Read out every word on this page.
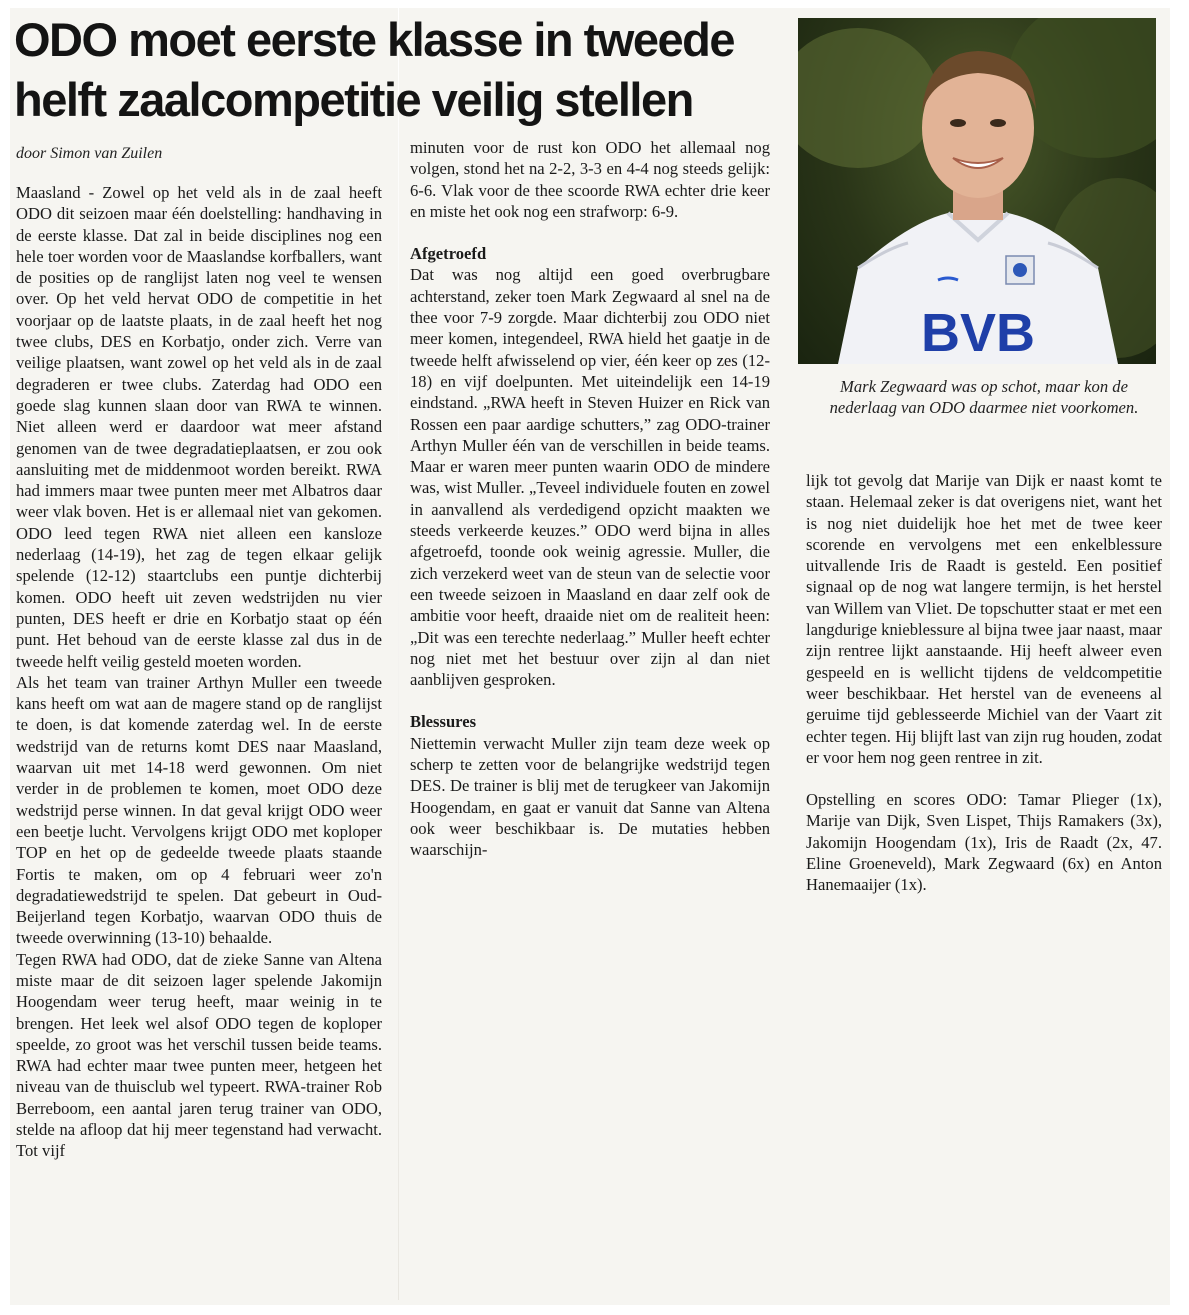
ODO moet eerste klasse in tweede helft zaalcompetitie veilig stellen
door Simon van Zuilen

Maasland - Zowel op het veld als in de zaal heeft ODO dit seizoen maar één doelstelling: handhaving in de eerste klasse. Dat zal in beide disciplines nog een hele toer worden voor de Maaslandse korfballers, want de posities op de ranglijst laten nog veel te wensen over. Op het veld hervat ODO de competitie in het voorjaar op de laatste plaats, in de zaal heeft het nog twee clubs, DES en Korbatjo, onder zich. Verre van veilige plaatsen, want zowel op het veld als in de zaal degraderen er twee clubs. Zaterdag had ODO een goede slag kunnen slaan door van RWA te winnen. Niet alleen werd er daardoor wat meer afstand genomen van de twee degradatieplaatsen, er zou ook aansluiting met de middenmoot worden bereikt. RWA had immers maar twee punten meer met Albatros daar weer vlak boven. Het is er allemaal niet van gekomen. ODO leed tegen RWA niet alleen een kansloze nederlaag (14-19), het zag de tegen elkaar gelijk spelende (12-12) staartclubs een puntje dichterbij komen. ODO heeft uit zeven wedstrijden nu vier punten, DES heeft er drie en Korbatjo staat op één punt. Het behoud van de eerste klasse zal dus in de tweede helft veilig gesteld moeten worden.

Als het team van trainer Arthyn Muller een tweede kans heeft om wat aan de magere stand op de ranglijst te doen, is dat komende zaterdag wel. In de eerste wedstrijd van de returns komt DES naar Maasland, waarvan uit met 14-18 werd gewonnen. Om niet verder in de problemen te komen, moet ODO deze wedstrijd perse winnen. In dat geval krijgt ODO weer een beetje lucht. Vervolgens krijgt ODO met koploper TOP en het op de gedeelde tweede plaats staande Fortis te maken, om op 4 februari weer zo'n degradatiewedstrijd te spelen. Dat gebeurt in Oud-Beijerland tegen Korbatjo, waarvan ODO thuis de tweede overwinning (13-10) behaalde.

Tegen RWA had ODO, dat de zieke Sanne van Altena miste maar de dit seizoen lager spelende Jakomijn Hoogendam weer terug heeft, maar weinig in te brengen. Het leek wel alsof ODO tegen de koploper speelde, zo groot was het verschil tussen beide teams. RWA had echter maar twee punten meer, hetgeen het niveau van de thuisclub wel typeert. RWA-trainer Rob Berreboom, een aantal jaren terug trainer van ODO, stelde na afloop dat hij meer tegenstand had verwacht. Tot vijf

minuten voor de rust kon ODO het allemaal nog volgen, stond het na 2-2, 3-3 en 4-4 nog steeds gelijk: 6-6. Vlak voor de thee scoorde RWA echter drie keer en miste het ook nog een strafworp: 6-9.

Afgetroefd

Dat was nog altijd een goed overbrugbare achterstand, zeker toen Mark Zegwaard al snel na de thee voor 7-9 zorgde. Maar dichterbij zou ODO niet meer komen, integendeel, RWA hield het gaatje in de tweede helft afwisselend op vier, één keer op zes (12-18) en vijf doelpunten. Met uiteindelijk een 14-19 eindstand. „RWA heeft in Steven Huizer en Rick van Rossen een paar aardige schutters,” zag ODO-trainer Arthyn Muller één van de verschillen in beide teams. Maar er waren meer punten waarin ODO de mindere was, wist Muller. „Teveel individuele fouten en zowel in aanvallend als verdedigend opzicht maakten we steeds verkeerde keuzes.” ODO werd bijna in alles afgetroefd, toonde ook weinig agressie. Muller, die zich verzekerd weet van de steun van de selectie voor een tweede seizoen in Maasland en daar zelf ook de ambitie voor heeft, draaide niet om de realiteit heen: „Dit was een terechte nederlaag.” Muller heeft echter nog niet met het bestuur over zijn al dan niet aanblijven gesproken.

Blessures

Niettemin verwacht Muller zijn team deze week op scherp te zetten voor de belangrijke wedstrijd tegen DES. De trainer is blij met de terugkeer van Jakomijn Hoogendam, en gaat er vanuit dat Sanne van Altena ook weer beschikbaar is. De mutaties hebben waarschijn-

BVB
Mark Zegwaard was op schot, maar kon de nederlaag van ODO daarmee niet voorkomen.

lijk tot gevolg dat Marije van Dijk er naast komt te staan. Helemaal zeker is dat overigens niet, want het is nog niet duidelijk hoe het met de twee keer scorende en vervolgens met een enkelblessure uitvallende Iris de Raadt is gesteld. Een positief signaal op de nog wat langere termijn, is het herstel van Willem van Vliet. De topschutter staat er met een langdurige knieblessure al bijna twee jaar naast, maar zijn rentree lijkt aanstaande. Hij heeft alweer even gespeeld en is wellicht tijdens de veldcompetitie weer beschikbaar. Het herstel van de eveneens al geruime tijd geblesseerde Michiel van der Vaart zit echter tegen. Hij blijft last van zijn rug houden, zodat er voor hem nog geen rentree in zit.

Opstelling en scores ODO: Tamar Plieger (1x), Marije van Dijk, Sven Lispet, Thijs Ramakers (3x), Jakomijn Hoogendam (1x), Iris de Raadt (2x, 47. Eline Groeneveld), Mark Zegwaard (6x) en Anton Hanemaaijer (1x).
